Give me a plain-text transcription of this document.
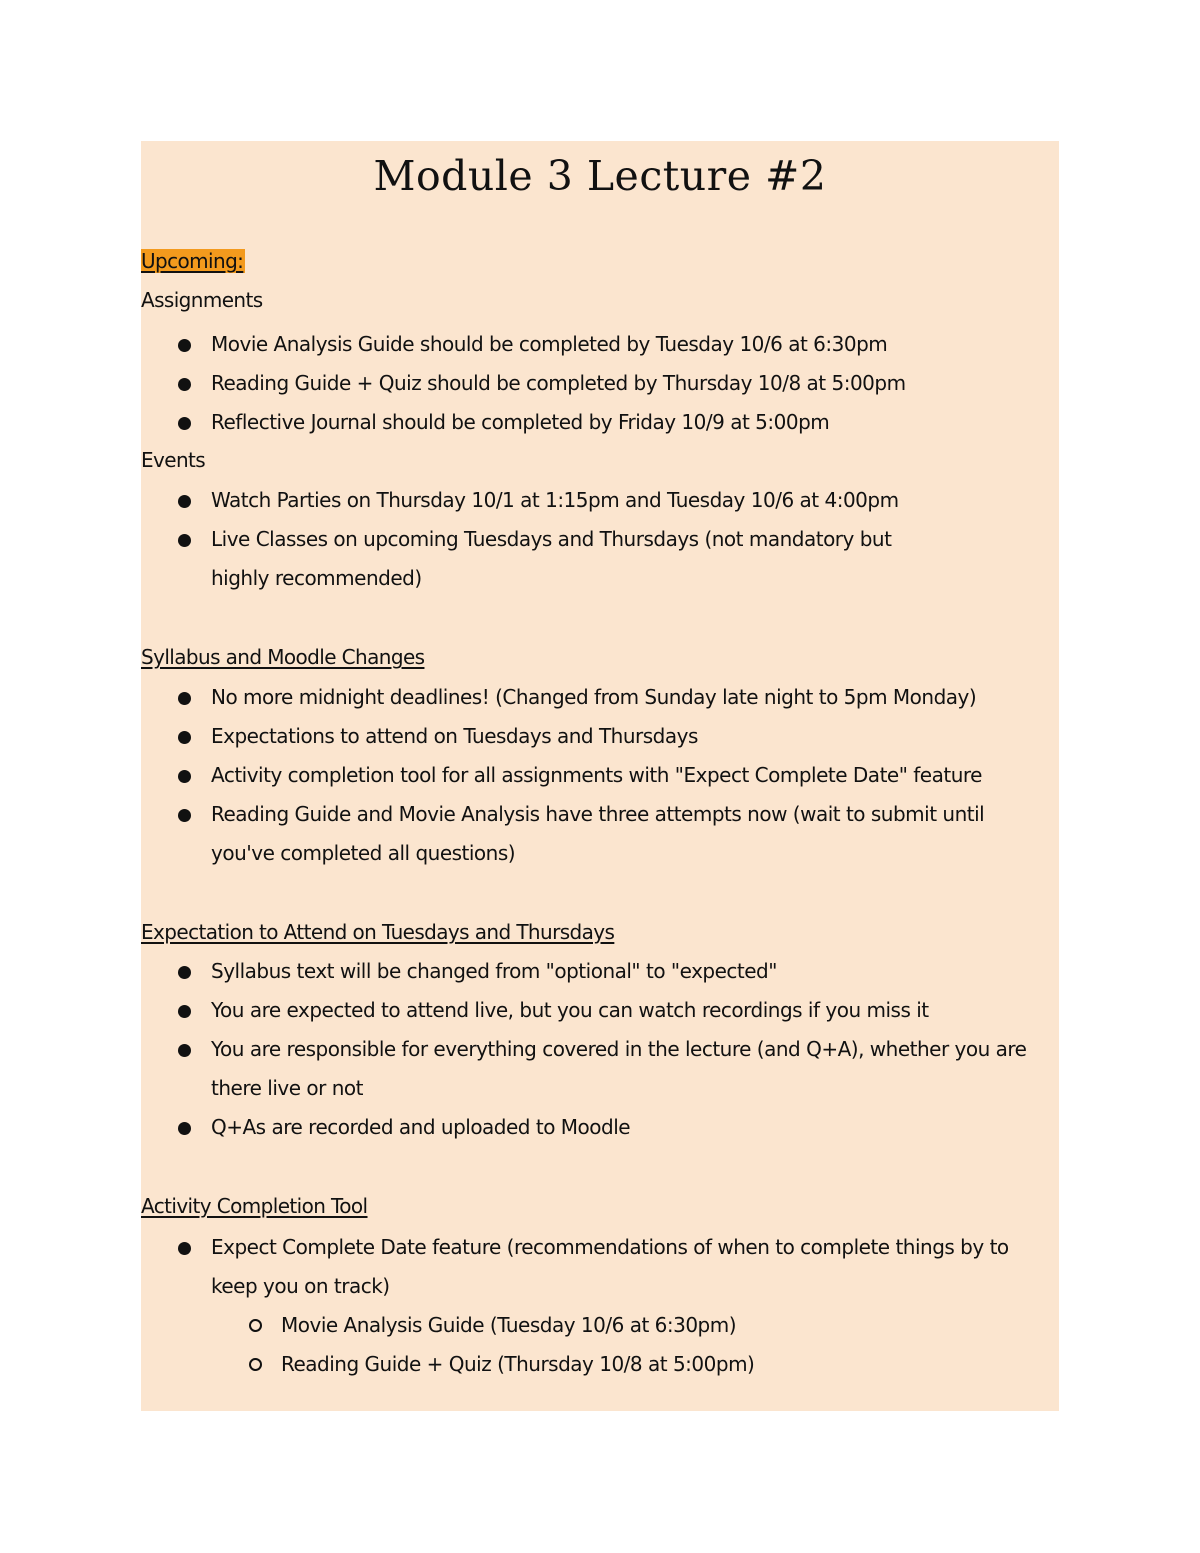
Module 3 Lecture #2
Upcoming:
Assignments
Movie Analysis Guide should be completed by Tuesday 10/6 at 6:30pm
Reading Guide + Quiz should be completed by Thursday 10/8 at 5:00pm
Reflective Journal should be completed by Friday 10/9 at 5:00pm
Events
Watch Parties on Thursday 10/1 at 1:15pm and Tuesday 10/6 at 4:00pm
Live Classes on upcoming Tuesdays and Thursdays (not mandatory but highly recommended)
Syllabus and Moodle Changes
No more midnight deadlines! (Changed from Sunday late night to 5pm Monday)
Expectations to attend on Tuesdays and Thursdays
Activity completion tool for all assignments with "Expect Complete Date" feature
Reading Guide and Movie Analysis have three attempts now (wait to submit until you've completed all questions)
Expectation to Attend on Tuesdays and Thursdays
Syllabus text will be changed from "optional" to "expected"
You are expected to attend live, but you can watch recordings if you miss it
You are responsible for everything covered in the lecture (and Q+A), whether you are there live or not
Q+As are recorded and uploaded to Moodle
Activity Completion Tool
Expect Complete Date feature (recommendations of when to complete things by to keep you on track)
Movie Analysis Guide (Tuesday 10/6 at 6:30pm)
Reading Guide + Quiz (Thursday 10/8 at 5:00pm)
